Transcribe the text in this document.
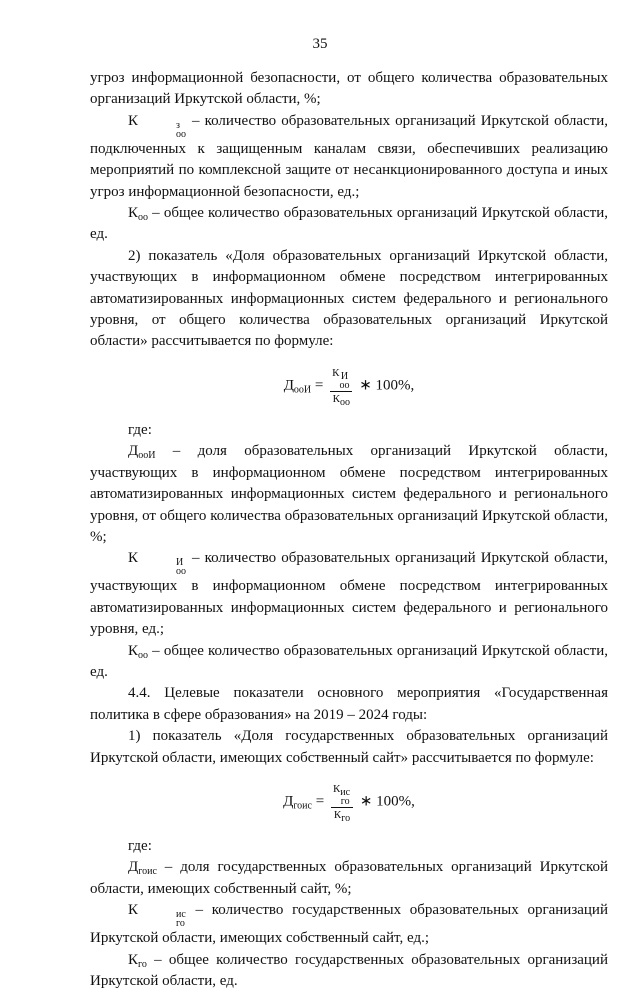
35

угроз информационной безопасности, от общего количества образовательных организаций Иркутской области, %;

К	з
оо
– количество образовательных организаций Иркутской области, подключенных к защищенным каналам связи, обеспечивших реализацию мероприятий по комплексной защите от несанкционированного доступа и иных угроз информационной безопасности, ед.;

$К_{оо}$ – общее количество образовательных организаций Иркутской области, ед.

2) показатель «Доля образовательных организаций Иркутской области, участвующих в информационном обмене посредством интегрированных автоматизированных информационных систем федерального и регионального уровня, от общего количества образовательных организаций Иркутской области» рассчитывается по формуле:

$Д_{ооИ} = К$ И
оо
$К_{оо}$ ∗ 100%,

где:

$Д_{ооИ}$ – доля образовательных организаций Иркутской области, участвующих в информационном обмене посредством интегрированных автоматизированных информационных систем федерального и регионального уровня, от общего количества образовательных организаций Иркутской области, %;

К	И
оо
– количество образовательных организаций Иркутской области, участвующих в информационном обмене посредством интегрированных автоматизированных информационных систем федерального и регионального уровня, ед.;

$К_{оо}$ – общее количество образовательных организаций Иркутской области, ед.

4.4. Целевые показатели основного мероприятия «Государственная политика в сфере образования» на 2019 – 2024 годы:

1) показатель «Доля государственных образовательных организаций Иркутской области, имеющих собственный сайт» рассчитывается по формуле:

$Д_{гоис} = К$ ис
го
$К_{го}$ ∗ 100%,

где:

$Д_{гоис}$ – доля государственных образовательных организаций Иркутской области, имеющих собственный сайт, %;

К	ис
го
– количество государственных образовательных организаций Иркутской области, имеющих собственный сайт, ед.;

$К_{го}$ – общее количество государственных образовательных организаций Иркутской области, ед.
